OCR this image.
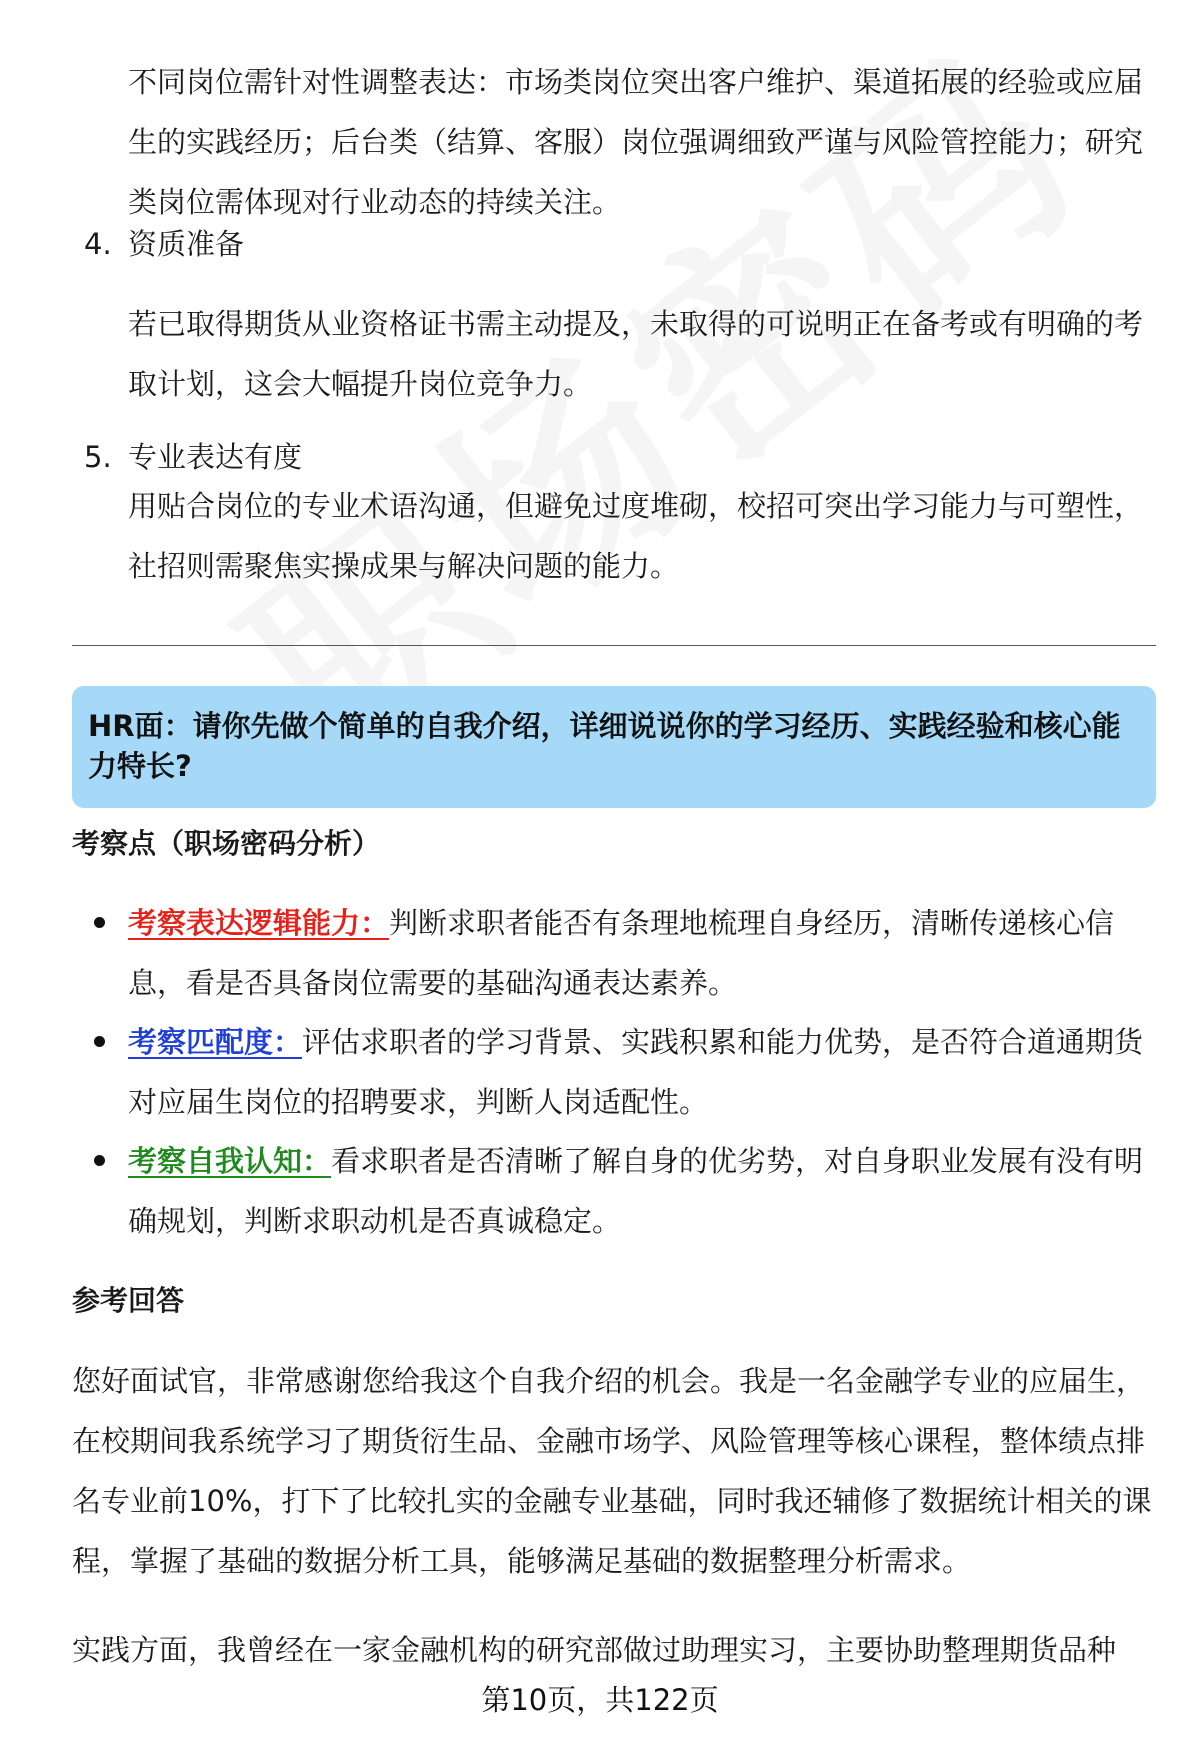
不同岗位需针对性调整表达：市场类岗位突出客户维护、渠道拓展的经验或应届生的实践经历；后台类（结算、客服）岗位强调细致严谨与风险管控能力；研究类岗位需体现对行业动态的持续关注。
4. 资质准备
若已取得期货从业资格证书需主动提及，未取得的可说明正在备考或有明确的考取计划，这会大幅提升岗位竞争力。
5. 专业表达有度
用贴合岗位的专业术语沟通，但避免过度堆砌，校招可突出学习能力与可塑性，社招则需聚焦实操成果与解决问题的能力。
HR面：请你先做个简单的自我介绍，详细说说你的学习经历、实践经验和核心能力特长?
考察点（职场密码分析）
考察表达逻辑能力：判断求职者能否有条理地梳理自身经历，清晰传递核心信息，看是否具备岗位需要的基础沟通表达素养。
考察匹配度：评估求职者的学习背景、实践积累和能力优势，是否符合道通期货对应届生岗位的招聘要求，判断人岗适配性。
考察自我认知：看求职者是否清晰了解自身的优劣势，对自身职业发展有没有明确规划，判断求职动机是否真诚稳定。
参考回答
您好面试官，非常感谢您给我这个自我介绍的机会。我是一名金融学专业的应届生，在校期间我系统学习了期货衍生品、金融市场学、风险管理等核心课程，整体绩点排名专业前10%，打下了比较扎实的金融专业基础，同时我还辅修了数据统计相关的课程，掌握了基础的数据分析工具，能够满足基础的数据整理分析需求。
实践方面，我曾经在一家金融机构的研究部做过助理实习，主要协助整理期货品种
第10页，共122页
